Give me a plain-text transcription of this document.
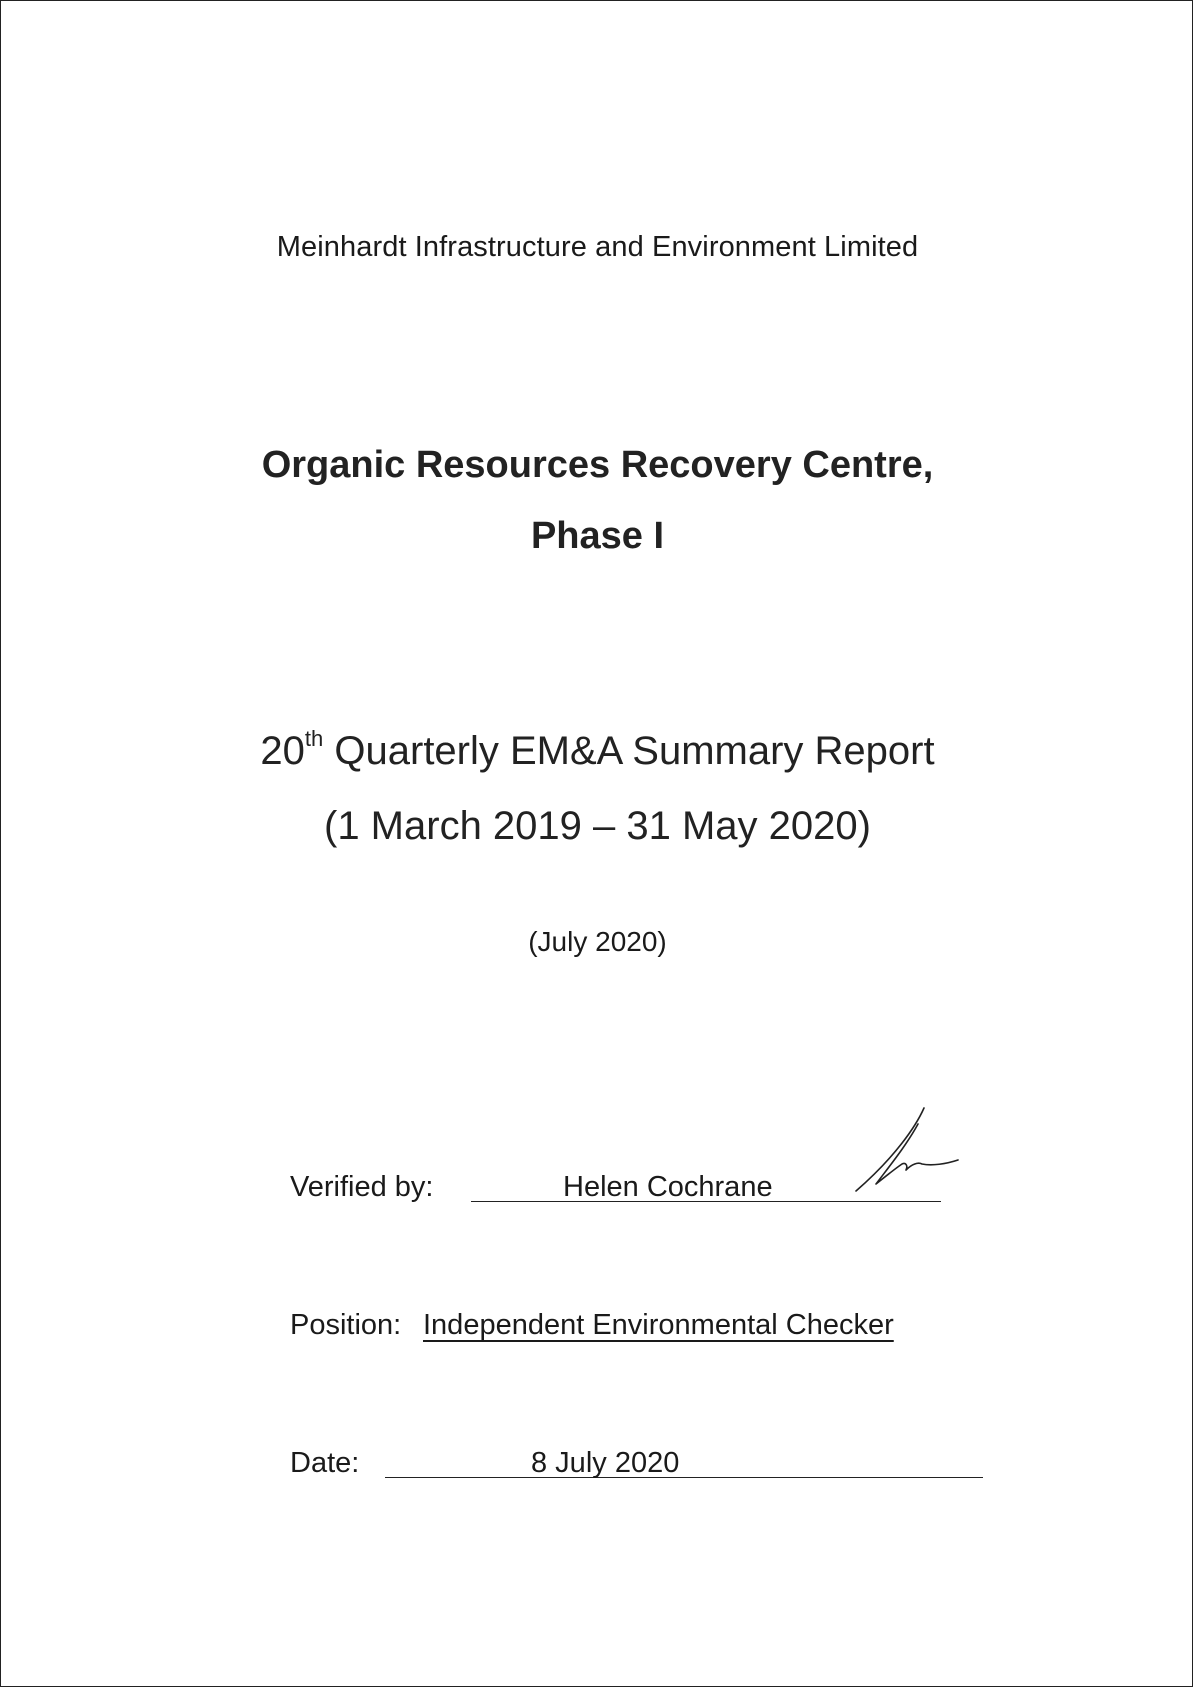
Meinhardt Infrastructure and Environment Limited
Organic Resources Recovery Centre,
Phase I
20th Quarterly EM&A Summary Report
(1 March 2019 – 31 May 2020)
(July 2020)
Verified by:	Helen Cochrane
Position: Independent Environmental Checker
Date:	8 July 2020
